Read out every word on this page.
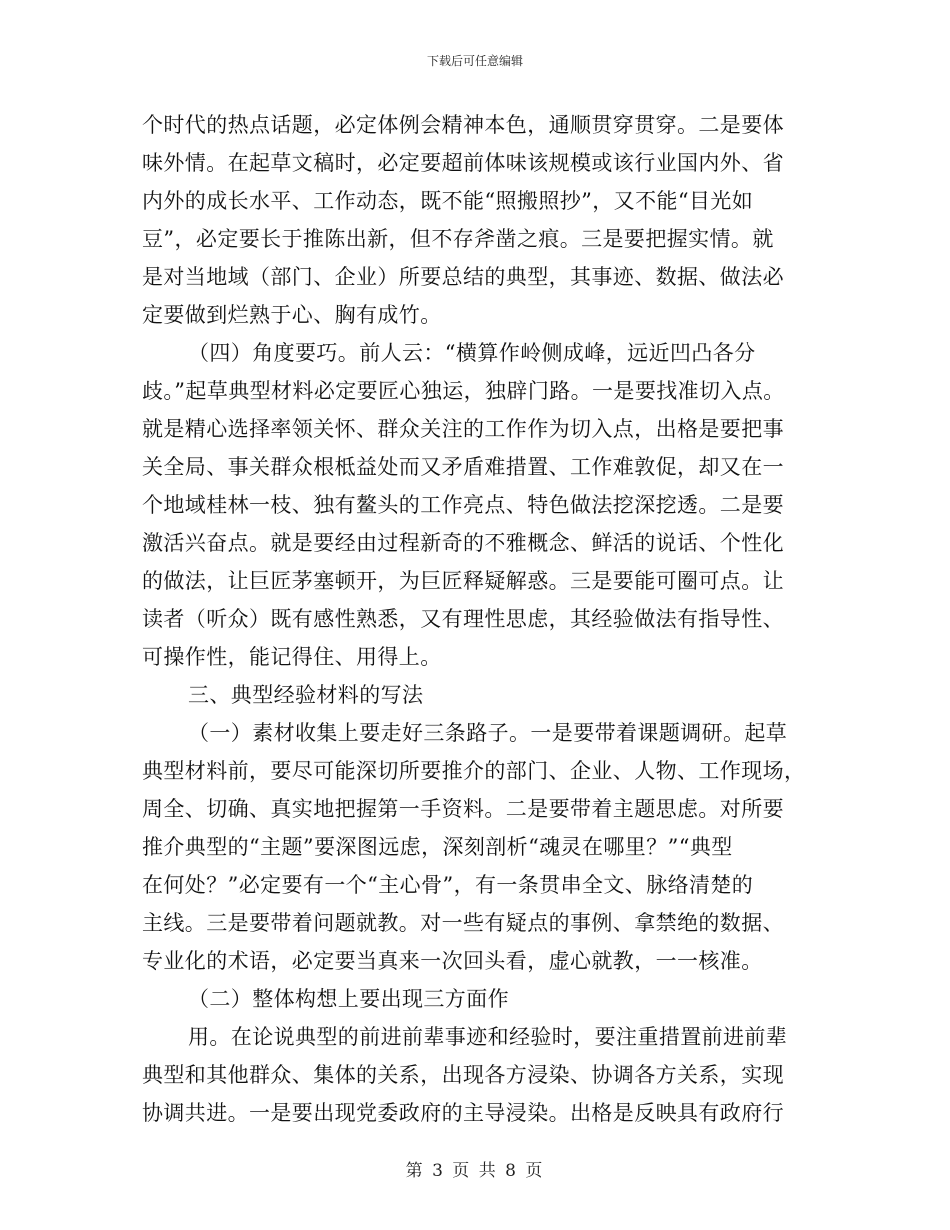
下载后可任意编辑
个时代的热点话题，必定体例会精神本色，通顺贯穿贯穿。二是要体
味外情。在起草文稿时，必定要超前体味该规模或该行业国内外、省
内外的成长水平、工作动态，既不能“照搬照抄”，又不能“目光如
豆”，必定要长于推陈出新，但不存斧凿之痕。三是要把握实情。就
是对当地域（部门、企业）所要总结的典型，其事迹、数据、做法必
定要做到烂熟于心、胸有成竹。
（四）角度要巧。前人云：“横算作岭侧成峰，远近凹凸各分
歧。”起草典型材料必定要匠心独运，独辟门路。一是要找准切入点。
就是精心选择率领关怀、群众关注的工作作为切入点，出格是要把事
关全局、事关群众根柢益处而又矛盾难措置、工作难敦促，却又在一
个地域桂林一枝、独有鳌头的工作亮点、特色做法挖深挖透。二是要
激活兴奋点。就是要经由过程新奇的不雅概念、鲜活的说话、个性化
的做法，让巨匠茅塞顿开，为巨匠释疑解惑。三是要能可圈可点。让
读者（听众）既有感性熟悉，又有理性思虑，其经验做法有指导性、
可操作性，能记得住、用得上。
三、典型经验材料的写法
（一）素材收集上要走好三条路子。一是要带着课题调研。起草
典型材料前，要尽可能深切所要推介的部门、企业、人物、工作现场，
周全、切确、真实地把握第一手资料。二是要带着主题思虑。对所要
推介典型的“主题”要深图远虑，深刻剖析“魂灵在哪里？”“典型
在何处？”必定要有一个“主心骨”，有一条贯串全文、脉络清楚的
主线。三是要带着问题就教。对一些有疑点的事例、拿禁绝的数据、
专业化的术语，必定要当真来一次回头看，虚心就教，一一核准。
（二）整体构想上要出现三方面作
用。在论说典型的前进前辈事迹和经验时，要注重措置前进前辈
典型和其他群众、集体的关系，出现各方浸染、协调各方关系，实现
协调共进。一是要出现党委政府的主导浸染。出格是反映具有政府行
第 3 页 共 8 页
